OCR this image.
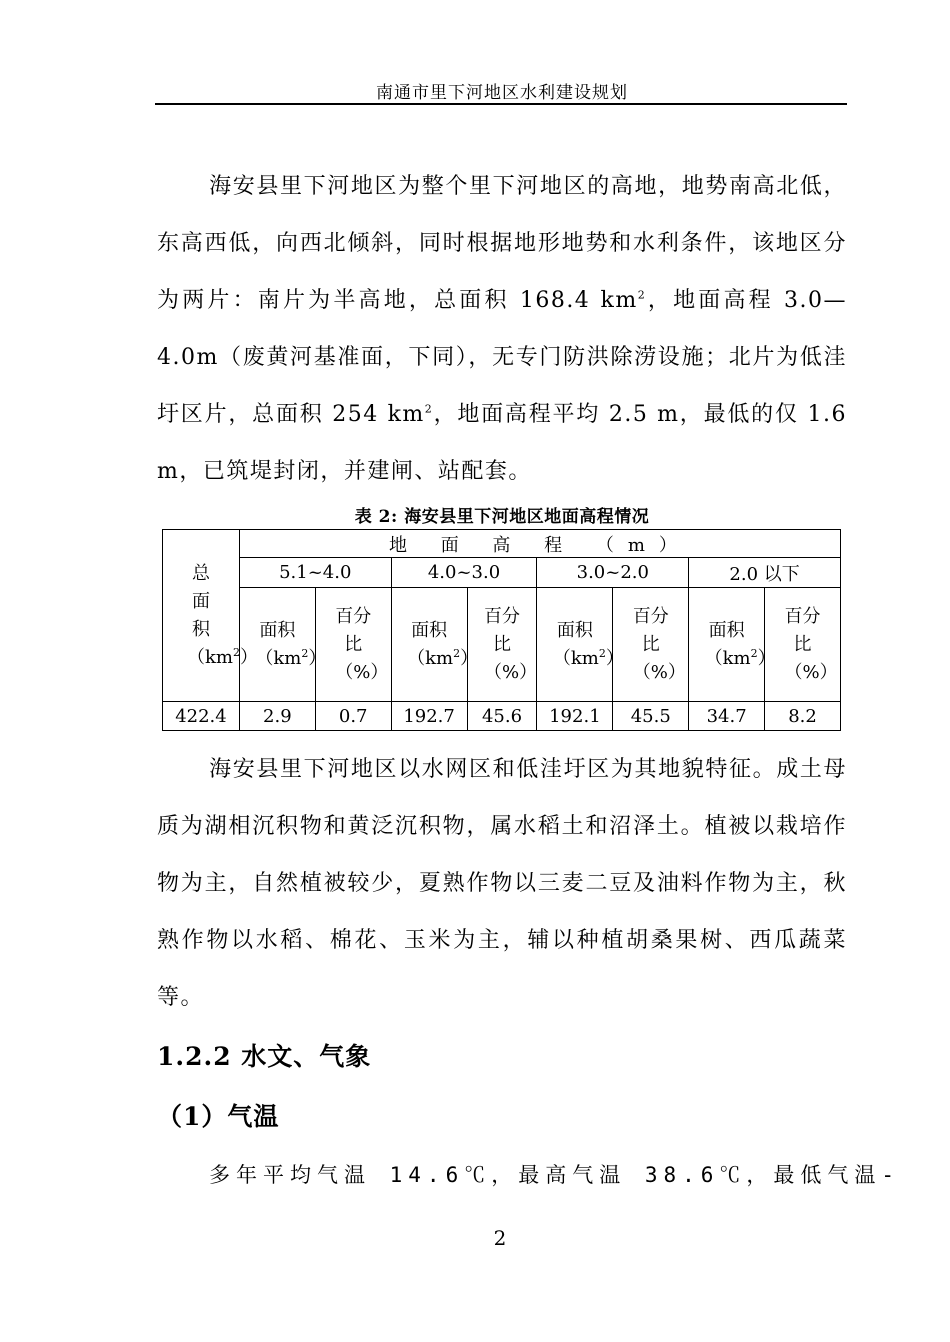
南通市里下河地区水利建设规划

海安县里下河地区为整个里下河地区的高地，地势南高北低，东高西低，向西北倾斜，同时根据地形地势和水利条件，该地区分为两片：南片为半高地，总面积 168.4 $km^2$，地面高程 3.0—4.0m（废黄河基准面，下同），无专门防洪除涝设施；北片为低洼圩区片，总面积 254 $km^2$，地面高程平均 2.5 m，最低的仅 1.6 m，已筑堤封闭，并建闸、站配套。

表 2: 海安县里下河地区地面高程情况
总面积$(km^2)$	地 面 高 程 （m）							
	5.1~4.0		4.0~3.0		3.0~2.0		2.0 以下	
	面积$(km^2)$	百分比（%）	面积$(km^2)$	百分比（%）	面积$(km^2)$	百分比（%）	面积$(km^2)$	百分比（%）
422.4	2.9	0.7	192.7	45.6	192.1	45.5	34.7	8.2

海安县里下河地区以水网区和低洼圩区为其地貌特征。成土母质为湖相沉积物和黄泛沉积物，属水稻土和沼泽土。植被以栽培作物为主，自然植被较少，夏熟作物以三麦二豆及油料作物为主，秋熟作物以水稻、棉花、玉米为主，辅以种植胡桑果树、西瓜蔬菜等。

1.2.2 水文、气象
（1）气温
多年平均气温 14.6℃，最高气温 38.6℃，最低气温-
2
